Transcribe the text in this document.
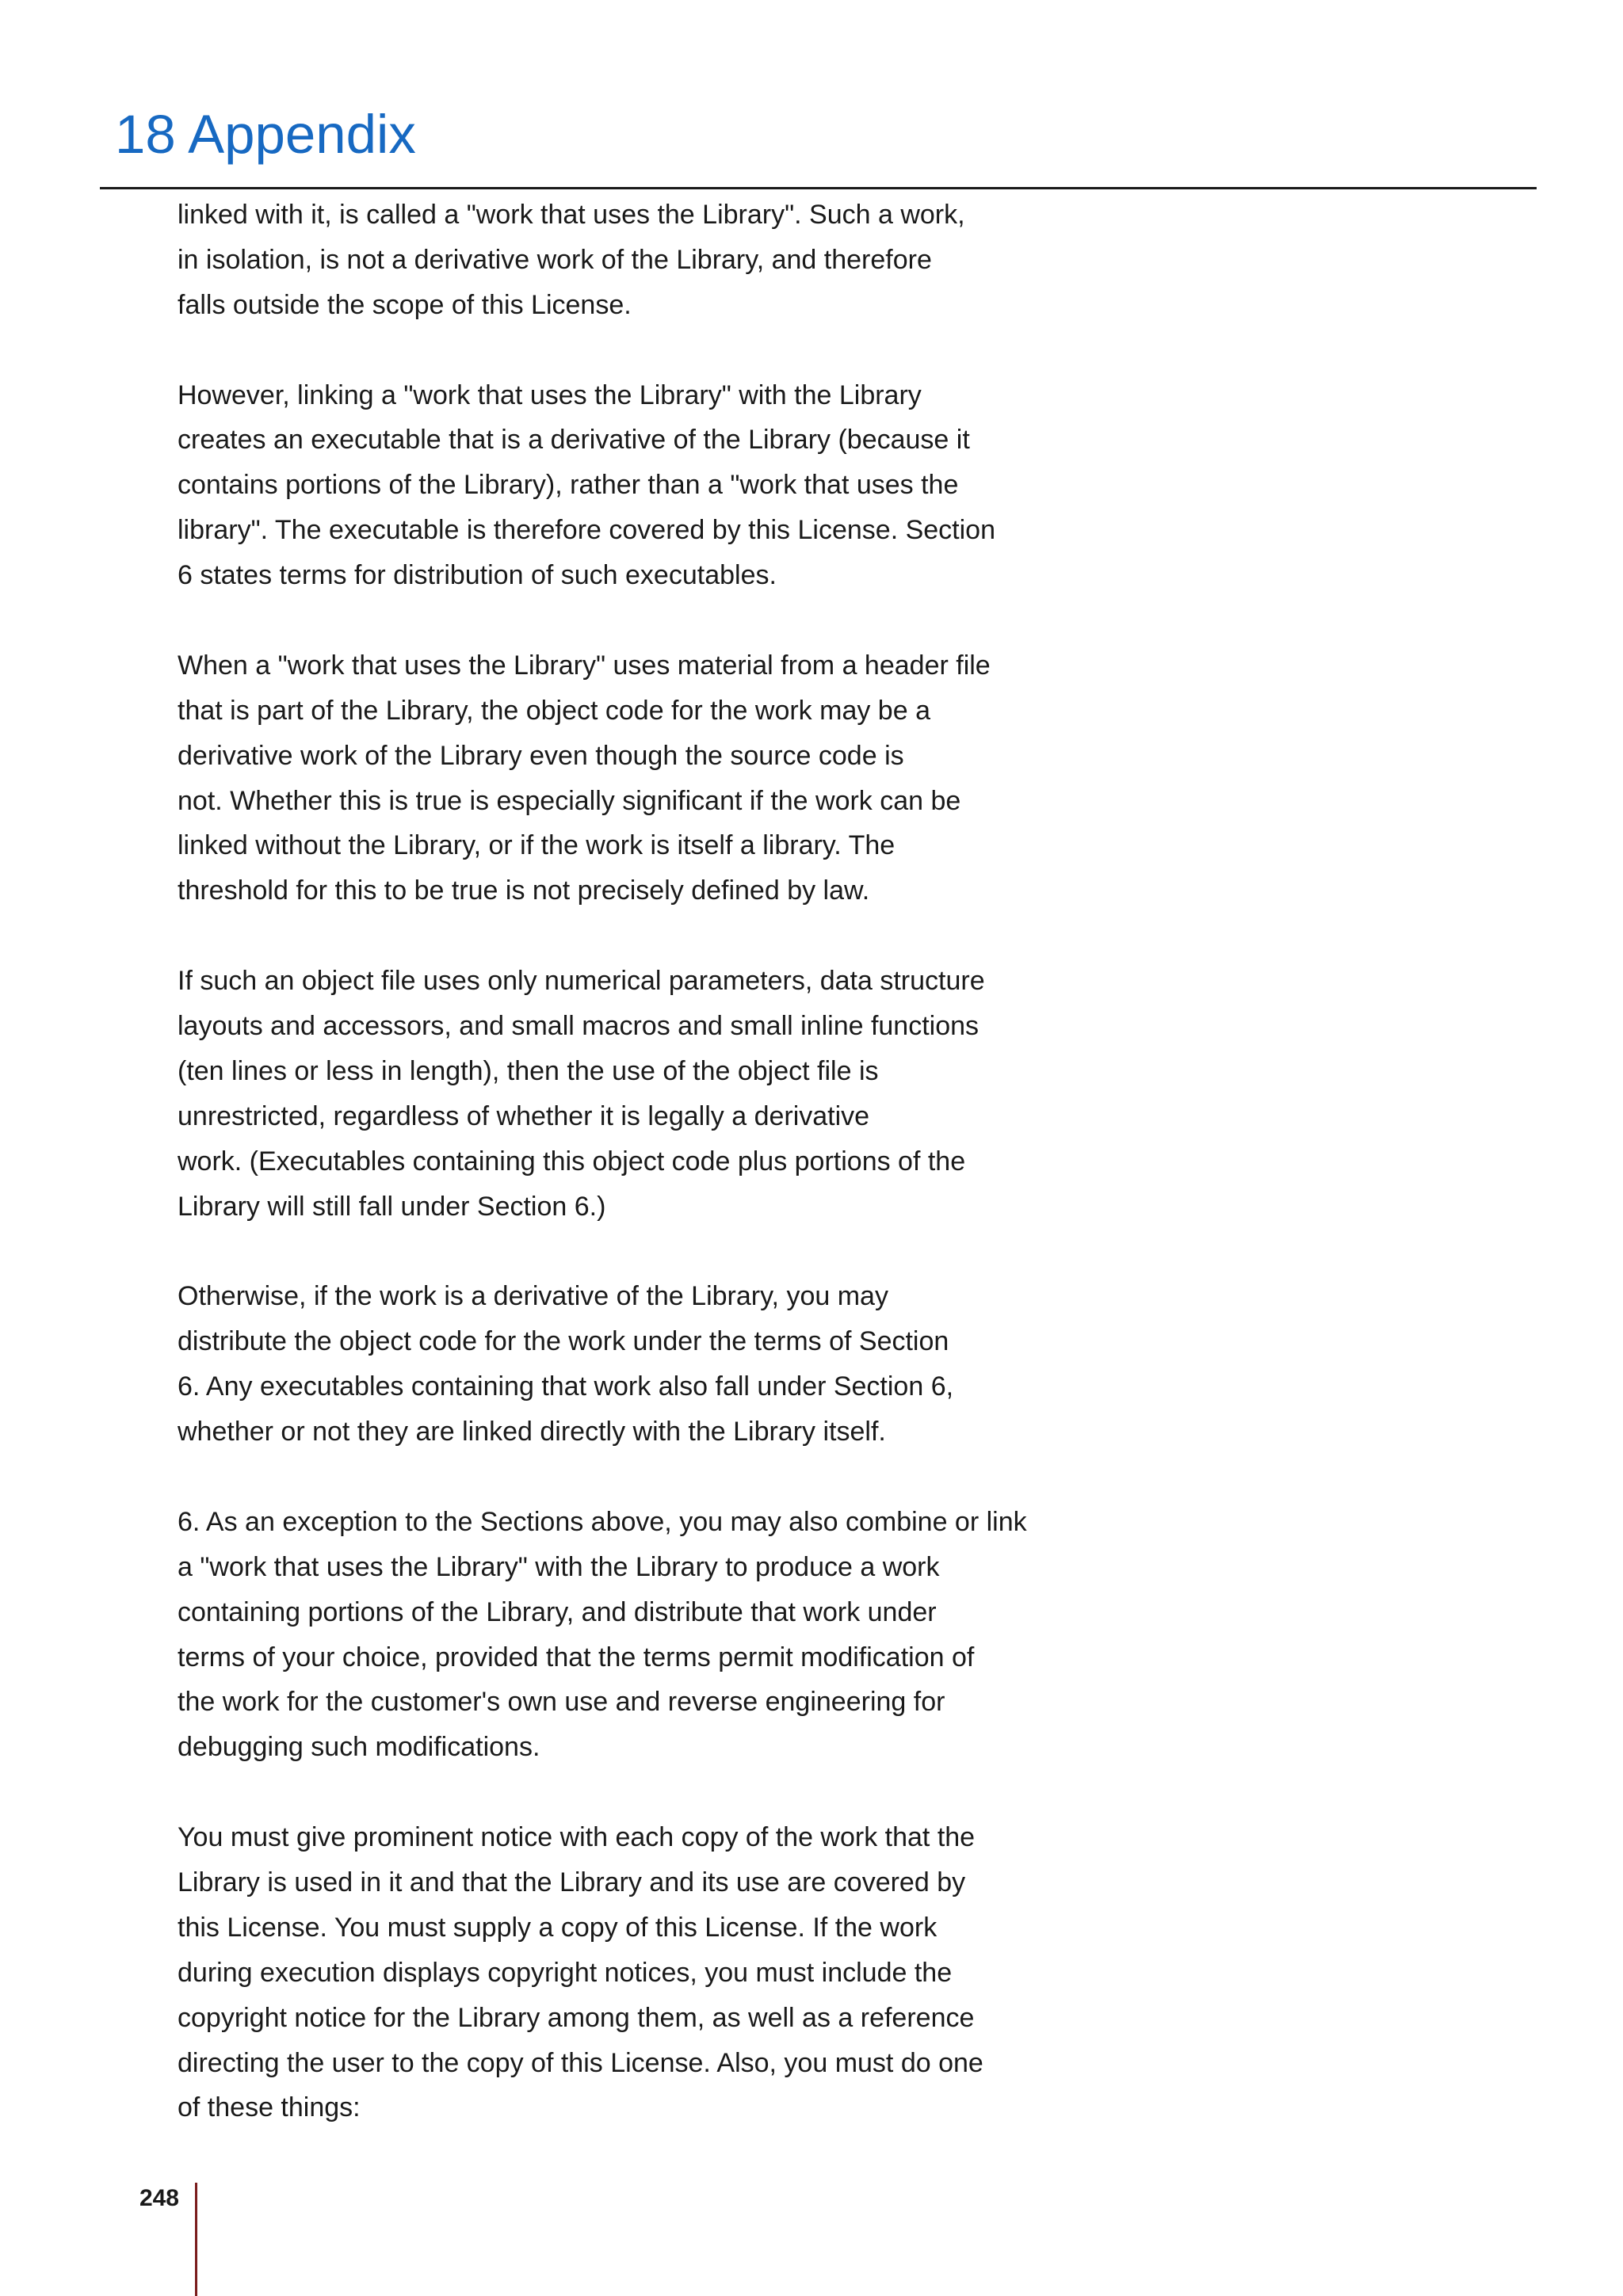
18 Appendix
linked with it, is called a "work that uses the Library". Such a work,
in isolation, is not a derivative work of the Library, and therefore
falls outside the scope of this License.
However, linking a "work that uses the Library" with the Library
creates an executable that is a derivative of the Library (because it
contains portions of the Library), rather than a "work that uses the
library". The executable is therefore covered by this License. Section
6 states terms for distribution of such executables.
When a "work that uses the Library" uses material from a header file
that is part of the Library, the object code for the work may be a
derivative work of the Library even though the source code is
not. Whether this is true is especially significant if the work can be
linked without the Library, or if the work is itself a library. The
threshold for this to be true is not precisely defined by law.
If such an object file uses only numerical parameters, data structure
layouts and accessors, and small macros and small inline functions
(ten lines or less in length), then the use of the object file is
unrestricted, regardless of whether it is legally a derivative
work. (Executables containing this object code plus portions of the
Library will still fall under Section 6.)
Otherwise, if the work is a derivative of the Library, you may
distribute the object code for the work under the terms of Section
6. Any executables containing that work also fall under Section 6,
whether or not they are linked directly with the Library itself.
6. As an exception to the Sections above, you may also combine or link
a "work that uses the Library" with the Library to produce a work
containing portions of the Library, and distribute that work under
terms of your choice, provided that the terms permit modification of
the work for the customer's own use and reverse engineering for
debugging such modifications.
You must give prominent notice with each copy of the work that the
Library is used in it and that the Library and its use are covered by
this License. You must supply a copy of this License. If the work
during execution displays copyright notices, you must include the
copyright notice for the Library among them, as well as a reference
directing the user to the copy of this License. Also, you must do one
of these things:
248
